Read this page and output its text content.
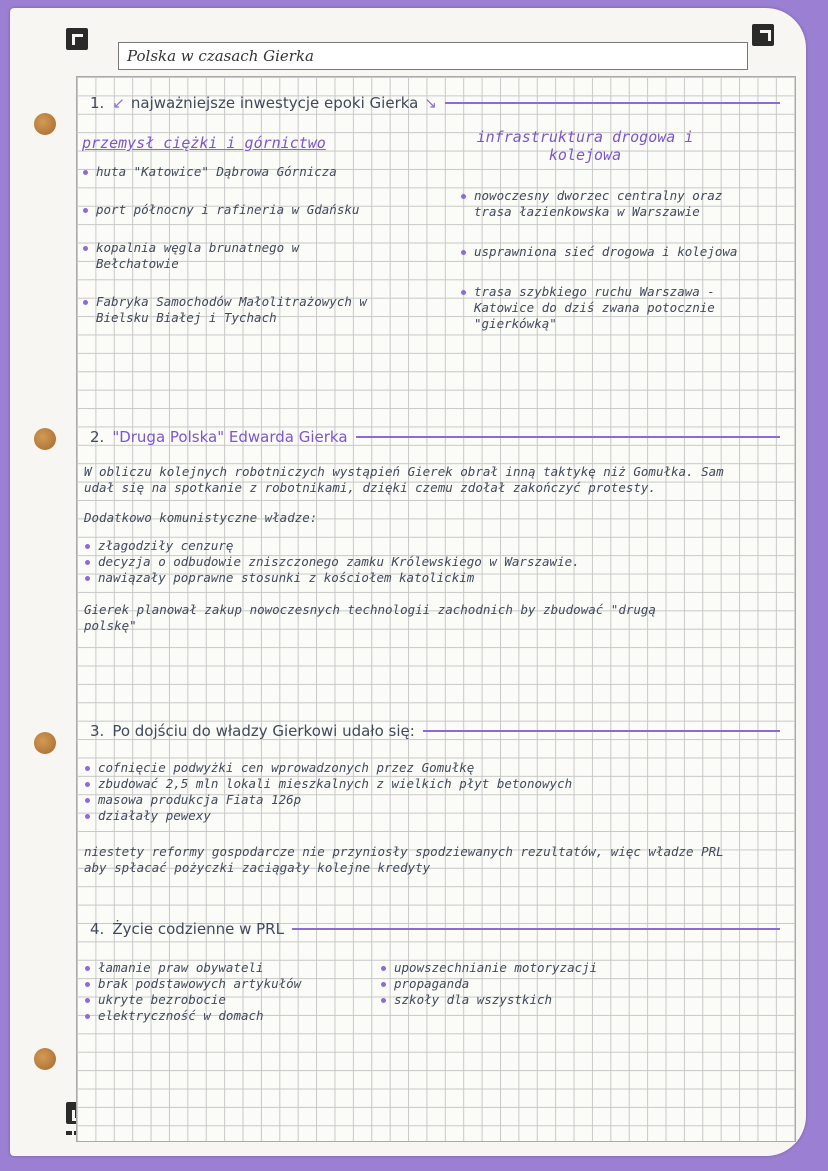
Polska w czasach Gierka
1. ↙ najważniejsze inwestycje epoki Gierka ↘
przemysł ciężki i górnictwo
huta "Katowice" Dąbrowa Górnicza
port północny i rafineria w Gdańsku
kopalnia węgla brunatnego w Bełchatowie
Fabryka Samochodów Małolitrażowych w Bielsku Białej i Tychach
infrastruktura drogowa i kolejowa
nowoczesny dworzec centralny oraz trasa łazienkowska w Warszawie
usprawniona sieć drogowa i kolejowa
trasa szybkiego ruchu Warszawa - Katowice do dziś zwana potocznie "gierkówką"
2. "Druga Polska" Edwarda Gierka
W obliczu kolejnych robotniczych wystąpień Gierek obrał inną taktykę niż Gomułka. Sam udał się na spotkanie z robotnikami, dzięki czemu zdołał zakończyć protesty.
Dodatkowo komunistyczne władze:
złagodziły cenzurę
decyzja o odbudowie zniszczonego zamku Królewskiego w Warszawie.
nawiązały poprawne stosunki z kościołem katolickim
Gierek planował zakup nowoczesnych technologii zachodnich by zbudować "drugą polskę"
3. Po dojściu do władzy Gierkowi udało się:
cofnięcie podwyżki cen wprowadzonych przez Gomułkę
zbudować 2,5 mln lokali mieszkalnych z wielkich płyt betonowych
masowa produkcja Fiata 126p
działały pewexy
niestety reformy gospodarcze nie przyniosły spodziewanych rezultatów, więc władze PRL aby spłacać pożyczki zaciągały kolejne kredyty
4. Życie codzienne w PRL
łamanie praw obywateli
brak podstawowych artykułów
ukryte bezrobocie
elektryczność w domach
upowszechnianie motoryzacji
propaganda
szkoły dla wszystkich
